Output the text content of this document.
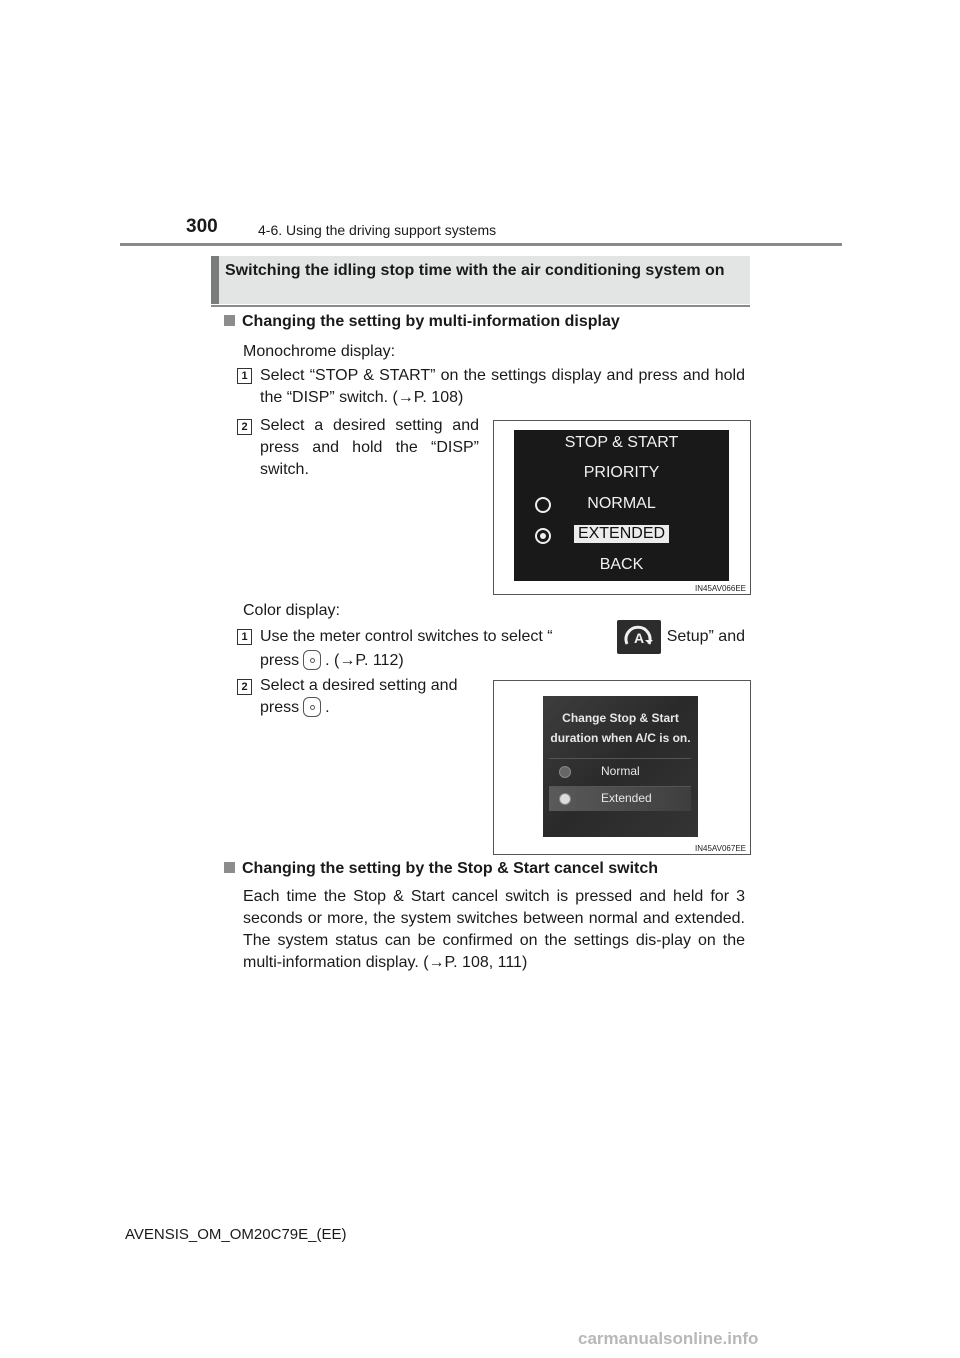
300	4-6. Using the driving support systems
Switching the idling stop time with the air conditioning system on
Changing the setting by multi-information display
Monochrome display:
1 Select “STOP & START” on the settings display and press and hold the “DISP” switch. (→P. 108)
2 Select a desired setting and press and hold the “DISP” switch.
STOP & START
PRIORITY
NORMAL
EXTENDED
BACK
IN45AV066EE
Color display:
1 Use the meter control switches to select “	A Setup” and
press . (→P. 112)
2 Select a desired setting and
press .
Change Stop & Start
duration when A/C is on.
Normal
Extended
IN45AV067EE
Changing the setting by the Stop & Start cancel switch
Each time the Stop & Start cancel switch is pressed and held for 3 seconds or more, the system switches between normal and extended. The system status can be confirmed on the settings dis-play on the multi-information display. (→P. 108, 111)
AVENSIS_OM_OM20C79E_(EE)
carmanualsonline.info
